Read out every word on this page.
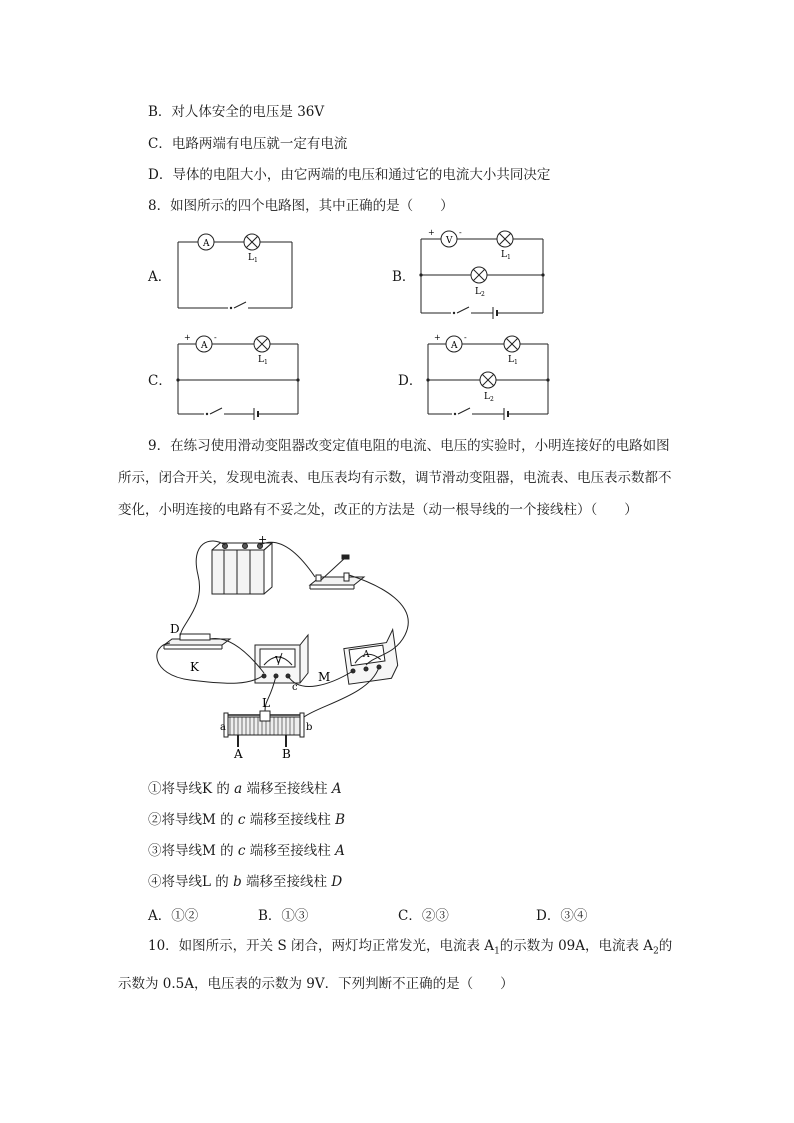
B．对人体安全的电压是 36V
C．电路两端有电压就一定有电流
D．导体的电阻大小，由它两端的电压和通过它的电流大小共同决定
8．如图所示的四个电路图，其中正确的是（　　）
A．	B．
C．	D．
A
$L_1$
+	-
V
$L_1$
$L_2$
+	-
A
$L_1$
+	-
A
$L_1$
$L_2$
9．在练习使用滑动变阻器改变定值电阻的电流、电压的实验时，小明连接好的电路如图所示，闭合开关，发现电流表、电压表均有示数，调节滑动变阻器，电流表、电压表示数都不变化，小明连接的电路有不妥之处，改正的方法是（动一根导线的一个接线柱）（　　）
+
D
K	V
A
M
c
L
a	b
A	B
①将导线K 的 a 端移至接线柱 A
②将导线M 的 c 端移至接线柱 B
③将导线M 的 c 端移至接线柱 A
④将导线L 的 b 端移至接线柱 D
A．①②	B．①③	C．②③	D．③④
10．如图所示，开关 S 闭合，两灯均正常发光，电流表 $A_1$的示数为 09A，电流表 $A_2$的示数为 0.5A，电压表的示数为 9V．下列判断不正确的是（　　）
